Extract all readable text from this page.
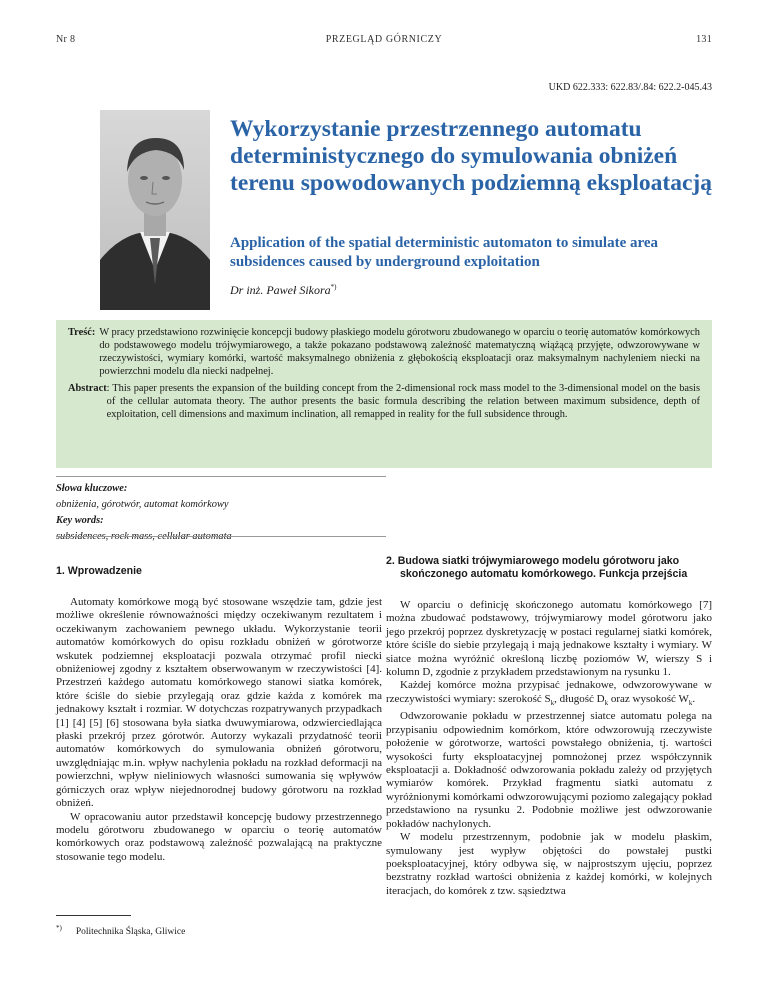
Nr 8	PRZEGLĄD GÓRNICZY	131
UKD 622.333: 622.83/.84: 622.2-045.43
Wykorzystanie przestrzennego automatu deterministycznego do symulowania obniżeń terenu spowodowanych podziemną eksploatacją
Application of the spatial deterministic automaton to simulate area subsidences caused by underground exploitation
Dr inż. Paweł Sikora*)
Treść: W pracy przedstawiono rozwinięcie koncepcji budowy płaskiego modelu górotworu zbudowanego w oparciu o teorię automatów komórkowych do podstawowego modelu trójwymiarowego, a także pokazano podstawową zależność matematyczną wiążącą przyjęte, odwzorowywane w rzeczywistości, wymiary komórki, wartość maksymalnego obniżenia z głębokością eksploatacji oraz maksymalnym nachyleniem niecki na powierzchni modelu dla niecki nadpełnej.
Abstract : This paper presents the expansion of the building concept from the 2-dimensional rock mass model to the 3-dimensional model on the basis of the cellular automata theory. The author presents the basic formula describing the relation between maximum subsidence, depth of exploitation, cell dimensions and maximum inclination, all remapped in reality for the full subsidence through.
Słowa kluczowe:
obniżenia, górotwór, automat komórkowy
Key words:
subsidences, rock mass, cellular automata
1. Wprowadzenie

Automaty komórkowe mogą być stosowane wszędzie tam, gdzie jest możliwe określenie równoważności między oczekiwanym rezultatem i oczekiwanym zachowaniem pewnego układu. Wykorzystanie teorii automatów komórkowych do opisu rozkładu obniżeń w górotworze wskutek podziemnej eksploatacji pozwala otrzymać profil niecki obniżeniowej zgodny z kształtem obserwowanym w rzeczywistości [4]. Przestrzeń każdego automatu komórkowego stanowi siatka komórek, które ściśle do siebie przylegają oraz gdzie każda z komórek ma jednakowy kształt i rozmiar. W dotychczas rozpatrywanych przypadkach [1] [4] [5] [6] stosowana była siatka dwuwymiarowa, odzwierciedlająca płaski przekrój przez górotwór. Autorzy wykazali przydatność teorii automatów komórkowych do symulowania obniżeń górotworu, uwzględniając m.in. wpływ nachylenia pokładu na rozkład deformacji na powierzchni, wpływ nieliniowych własności sumowania się wpływów górniczych oraz wpływ niejednorodnej budowy górotworu na rozkład obniżeń.

W opracowaniu autor przedstawił koncepcję budowy przestrzennego modelu górotworu zbudowanego w oparciu o teorię automatów komórkowych oraz podstawową zależność pozwalającą na praktyczne stosowanie tego modelu.

2. Budowa siatki trójwymiarowego modelu górotworu jako skończonego automatu komórkowego. Funkcja przejścia

W oparciu o definicję skończonego automatu komórkowego [7] można zbudować podstawowy, trójwymiarowy model górotworu jako jego przekrój poprzez dyskretyzację w postaci regularnej siatki komórek, które ściśle do siebie przylegają i mają jednakowe kształty i wymiary. W siatce można wyróżnić określoną liczbę poziomów W, wierszy S i kolumn D, zgodnie z przykładem przedstawionym na rysunku 1.

Każdej komórce można przypisać jednakowe, odwzorowywane w rzeczywistości wymiary: szerokość $S_k$, długość $D_k$ oraz wysokość $W_k$.

Odwzorowanie pokładu w przestrzennej siatce automatu polega na przypisaniu odpowiednim komórkom, które odwzorowują rzeczywiste położenie w górotworze, wartości powstałego obniżenia, tj. wartości wysokości furty eksploatacyjnej pomnożonej przez współczynnik eksploatacji a. Dokładność odwzorowania pokładu zależy od przyjętych wymiarów komórek. Przykład fragmentu siatki automatu z wyróżnionymi komórkami odwzorowującymi poziomo zalegający pokład przedstawiono na rysunku 2. Podobnie możliwe jest odwzorowanie pokładów nachylonych.

W modelu przestrzennym, podobnie jak w modelu płaskim, symulowany jest wypływ objętości do powstałej pustki poeksploatacyjnej, który odbywa się, w najprostszym ujęciu, poprzez bezstratny rozkład wartości obniżenia z każdej komórki, w kolejnych iteracjach, do komórek z tzw. sąsiedztwa

*) Politechnika Śląska, Gliwice
